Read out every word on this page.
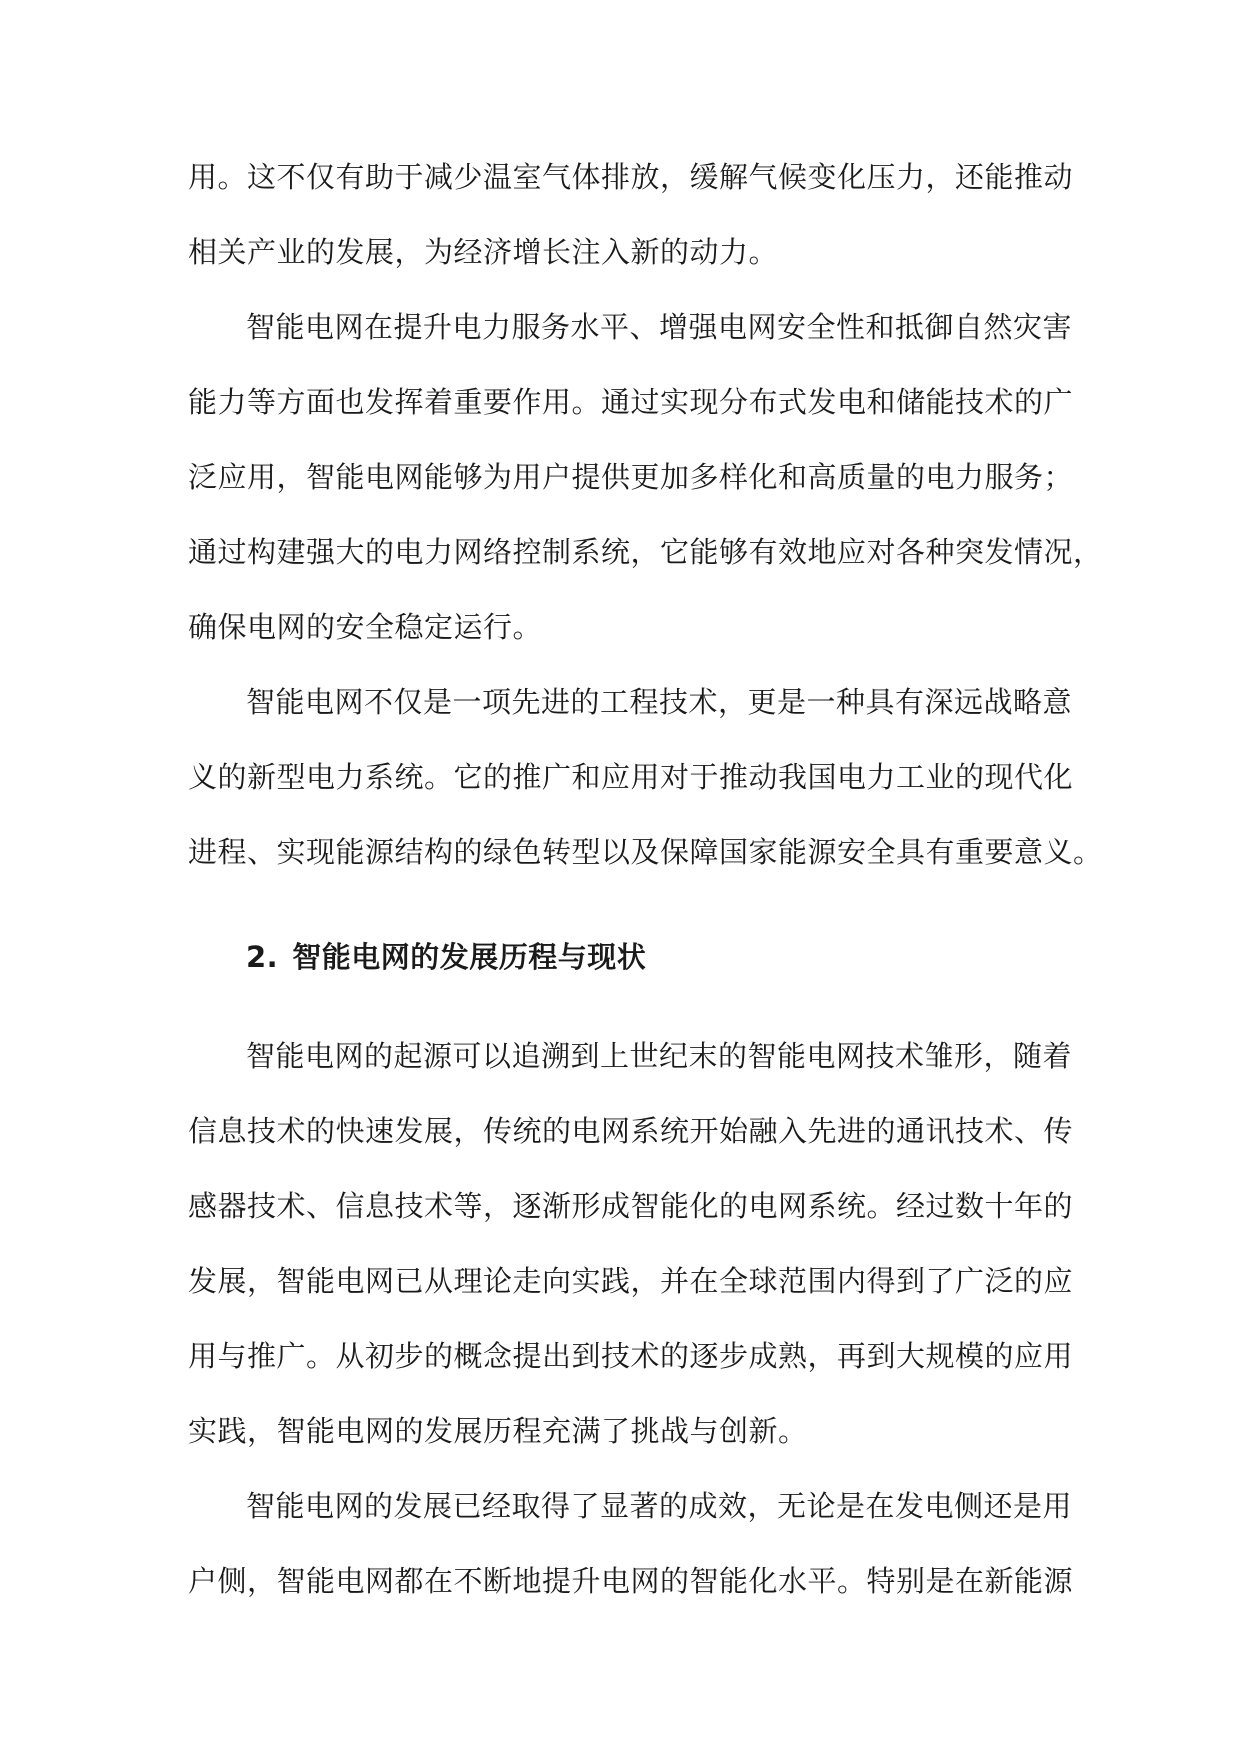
用。这不仅有助于减少温室气体排放，缓解气候变化压力，还能推动
相关产业的发展，为经济增长注入新的动力。

智能电网在提升电力服务水平、增强电网安全性和抵御自然灾害
能力等方面也发挥着重要作用。通过实现分布式发电和储能技术的广
泛应用，智能电网能够为用户提供更加多样化和高质量的电力服务；
通过构建强大的电力网络控制系统，它能够有效地应对各种突发情况，
确保电网的安全稳定运行。

智能电网不仅是一项先进的工程技术，更是一种具有深远战略意
义的新型电力系统。它的推广和应用对于推动我国电力工业的现代化
进程、实现能源结构的绿色转型以及保障国家能源安全具有重要意义。

2. 智能电网的发展历程与现状

智能电网的起源可以追溯到上世纪末的智能电网技术雏形，随着
信息技术的快速发展，传统的电网系统开始融入先进的通讯技术、传
感器技术、信息技术等，逐渐形成智能化的电网系统。经过数十年的
发展，智能电网已从理论走向实践，并在全球范围内得到了广泛的应
用与推广。从初步的概念提出到技术的逐步成熟，再到大规模的应用
实践，智能电网的发展历程充满了挑战与创新。

智能电网的发展已经取得了显著的成效，无论是在发电侧还是用
户侧，智能电网都在不断地提升电网的智能化水平。特别是在新能源
